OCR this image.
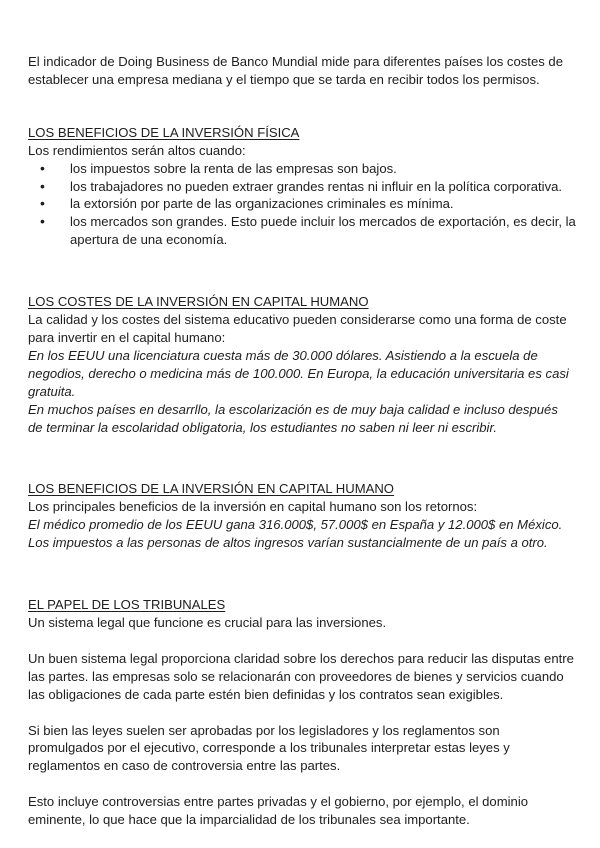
El indicador de Doing Business de Banco Mundial mide para diferentes países los costes de establecer una empresa mediana y el tiempo que se tarda en recibir todos los permisos.

LOS BENEFICIOS DE LA INVERSIÓN FÍSICA

Los rendimientos serán altos cuando:

• los impuestos sobre la renta de las empresas son bajos.
• los trabajadores no pueden extraer grandes rentas ni influir en la política corporativa.
• la extorsión por parte de las organizaciones criminales es mínima.
• los mercados son grandes. Esto puede incluir los mercados de exportación, es decir, la apertura de una economía.

LOS COSTES DE LA INVERSIÓN EN CAPITAL HUMANO

La calidad y los costes del sistema educativo pueden considerarse como una forma de coste para invertir en el capital humano:

En los EEUU una licenciatura cuesta más de 30.000 dólares. Asistiendo a la escuela de negodios, derecho o medicina más de 100.000. En Europa, la educación universitaria es casi gratuita.

En muchos países en desarrllo, la escolarización es de muy baja calidad e incluso después de terminar la escolaridad obligatoria, los estudiantes no saben ni leer ni escribir.

LOS BENEFICIOS DE LA INVERSIÓN EN CAPITAL HUMANO

Los principales beneficios de la inversión en capital humano son los retornos:

El médico promedio de los EEUU gana 316.000$, 57.000$ en España y 12.000$ en México.

Los impuestos a las personas de altos ingresos varían sustancialmente de un país a otro.

EL PAPEL DE LOS TRIBUNALES

Un sistema legal que funcione es crucial para las inversiones.

Un buen sistema legal proporciona claridad sobre los derechos para reducir las disputas entre las partes. las empresas solo se relacionarán con proveedores de bienes y servicios cuando las obligaciones de cada parte estén bien definidas y los contratos sean exigibles.

Si bien las leyes suelen ser aprobadas por los legisladores y los reglamentos son promulgados por el ejecutivo, corresponde a los tribunales interpretar estas leyes y reglamentos en caso de controversia entre las partes.

Esto incluye controversias entre partes privadas y el gobierno, por ejemplo, el dominio eminente, lo que hace que la imparcialidad de los tribunales sea importante.
